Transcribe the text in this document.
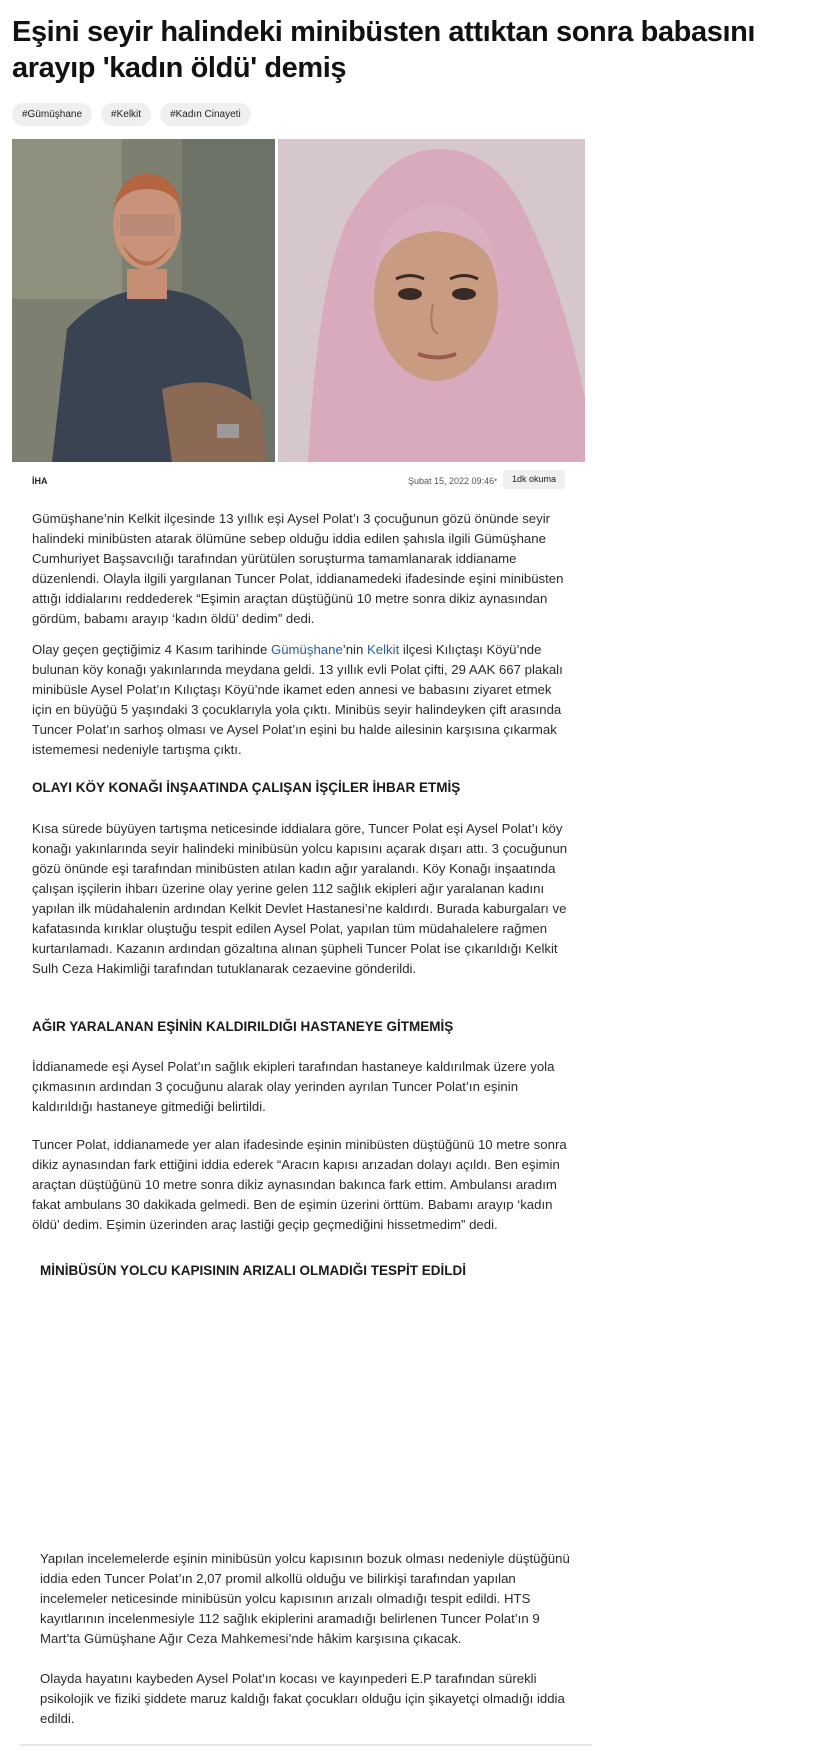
Eşini seyir halindeki minibüsten attıktan sonra babasını arayıp 'kadın öldü' demiş
#Gümüşhane	#Kelkit	#Kadın Cinayeti
İHA	Şubat 15, 2022 09:46 •	1dk okuma

Gümüşhane’nin Kelkit ilçesinde 13 yıllık eşi Aysel Polat’ı 3 çocuğunun gözü önünde seyir halindeki minibüsten atarak ölümüne sebep olduğu iddia edilen şahısla ilgili Gümüşhane Cumhuriyet Başsavcılığı tarafından yürütülen soruşturma tamamlanarak iddianame düzenlendi. Olayla ilgili yargılanan Tuncer Polat, iddianamedeki ifadesinde eşini minibüsten attığı iddialarını reddederek “Eşimin araçtan düştüğünü 10 metre sonra dikiz aynasından gördüm, babamı arayıp ‘kadın öldü’ dedim” dedi.

Olay geçen geçtiğimiz 4 Kasım tarihinde Gümüşhane’nin Kelkit ilçesi Kılıçtaşı Köyü’nde bulunan köy konağı yakınlarında meydana geldi. 13 yıllık evli Polat çifti, 29 AAK 667 plakalı minibüsle Aysel Polat’ın Kılıçtaşı Köyü’nde ikamet eden annesi ve babasını ziyaret etmek için en büyüğü 5 yaşındaki 3 çocuklarıyla yola çıktı. Minibüs seyir halindeyken çift arasında Tuncer Polat’ın sarhoş olması ve Aysel Polat’ın eşini bu halde ailesinin karşısına çıkarmak istememesi nedeniyle tartışma çıktı.

OLAYI KÖY KONAĞI İNŞAATINDA ÇALIŞAN İŞÇİLER İHBAR ETMİŞ

Kısa sürede büyüyen tartışma neticesinde iddialara göre, Tuncer Polat eşi Aysel Polat’ı köy konağı yakınlarında seyir halindeki minibüsün yolcu kapısını açarak dışarı attı. 3 çocuğunun gözü önünde eşi tarafından minibüsten atılan kadın ağır yaralandı. Köy Konağı inşaatında çalışan işçilerin ihbarı üzerine olay yerine gelen 112 sağlık ekipleri ağır yaralanan kadını yapılan ilk müdahalenin ardından Kelkit Devlet Hastanesi’ne kaldırdı. Burada kaburgaları ve kafatasında kırıklar oluştuğu tespit edilen Aysel Polat, yapılan tüm müdahalelere rağmen kurtarılamadı. Kazanın ardından gözaltına alınan şüpheli Tuncer Polat ise çıkarıldığı Kelkit Sulh Ceza Hakimliği tarafından tutuklanarak cezaevine gönderildi.

AĞIR YARALANAN EŞİNİN KALDIRILDIĞI HASTANEYE GİTMEMİŞ

İddianamede eşi Aysel Polat’ın sağlık ekipleri tarafından hastaneye kaldırılmak üzere yola çıkmasının ardından 3 çocuğunu alarak olay yerinden ayrılan Tuncer Polat’ın eşinin kaldırıldığı hastaneye gitmediği belirtildi.

Tuncer Polat, iddianamede yer alan ifadesinde eşinin minibüsten düştüğünü 10 metre sonra dikiz aynasından fark ettiğini iddia ederek “Aracın kapısı arızadan dolayı açıldı. Ben eşimin araçtan düştüğünü 10 metre sonra dikiz aynasından bakınca fark ettim. Ambulansı aradım fakat ambulans 30 dakikada gelmedi. Ben de eşimin üzerini örttüm. Babamı arayıp ‘kadın öldü’ dedim. Eşimin üzerinden araç lastiği geçip geçmediğini hissetmedim” dedi.

MİNİBÜSÜN YOLCU KAPISININ ARIZALI OLMADIĞI TESPİT EDİLDİ

Yapılan incelemelerde eşinin minibüsün yolcu kapısının bozuk olması nedeniyle düştüğünü iddia eden Tuncer Polat’ın 2,07 promil alkollü olduğu ve bilirkişi tarafından yapılan incelemeler neticesinde minibüsün yolcu kapısının arızalı olmadığı tespit edildi. HTS kayıtlarının incelenmesiyle 112 sağlık ekiplerini aramadığı belirlenen Tuncer Polat’ın 9 Mart’ta Gümüşhane Ağır Ceza Mahkemesi’nde hâkim karşısına çıkacak.

Olayda hayatını kaybeden Aysel Polat’ın kocası ve kayınpederi E.P tarafından sürekli psikolojik ve fiziki şiddete maruz kaldığı fakat çocukları olduğu için şikayetçi olmadığı iddia edildi.
